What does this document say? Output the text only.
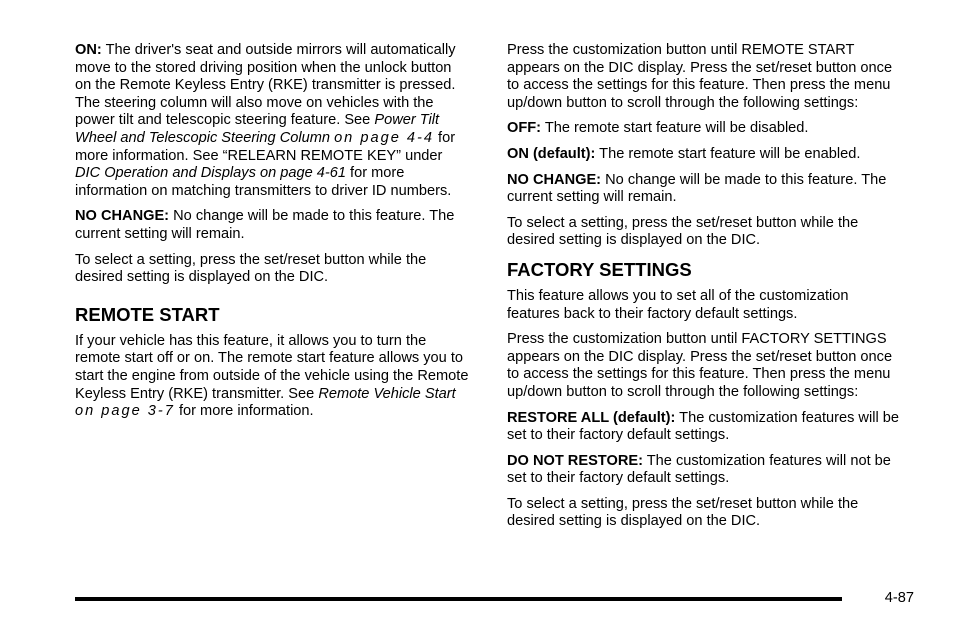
ON: The driver's seat and outside mirrors will automatically move to the stored driving position when the unlock button on the Remote Keyless Entry (RKE) transmitter is pressed. The steering column will also move on vehicles with the power tilt and telescopic steering feature. See Power Tilt Wheel and Telescopic Steering Column on page 4-4 for more information. See “RELEARN REMOTE KEY” under DIC Operation and Displays on page 4-61 for more information on matching transmitters to driver ID numbers.

NO CHANGE: No change will be made to this feature. The current setting will remain.

To select a setting, press the set/reset button while the desired setting is displayed on the DIC.

REMOTE START

If your vehicle has this feature, it allows you to turn the remote start off or on. The remote start feature allows you to start the engine from outside of the vehicle using the Remote Keyless Entry (RKE) transmitter. See Remote Vehicle Start on page 3-7 for more information.

Press the customization button until REMOTE START appears on the DIC display. Press the set/reset button once to access the settings for this feature. Then press the menu up/down button to scroll through the following settings:

OFF: The remote start feature will be disabled.

ON (default): The remote start feature will be enabled.

NO CHANGE: No change will be made to this feature. The current setting will remain.

To select a setting, press the set/reset button while the desired setting is displayed on the DIC.

FACTORY SETTINGS

This feature allows you to set all of the customization features back to their factory default settings.

Press the customization button until FACTORY SETTINGS appears on the DIC display. Press the set/reset button once to access the settings for this feature. Then press the menu up/down button to scroll through the following settings:

RESTORE ALL (default): The customization features will be set to their factory default settings.

DO NOT RESTORE: The customization features will not be set to their factory default settings.

To select a setting, press the set/reset button while the desired setting is displayed on the DIC.

4-87
